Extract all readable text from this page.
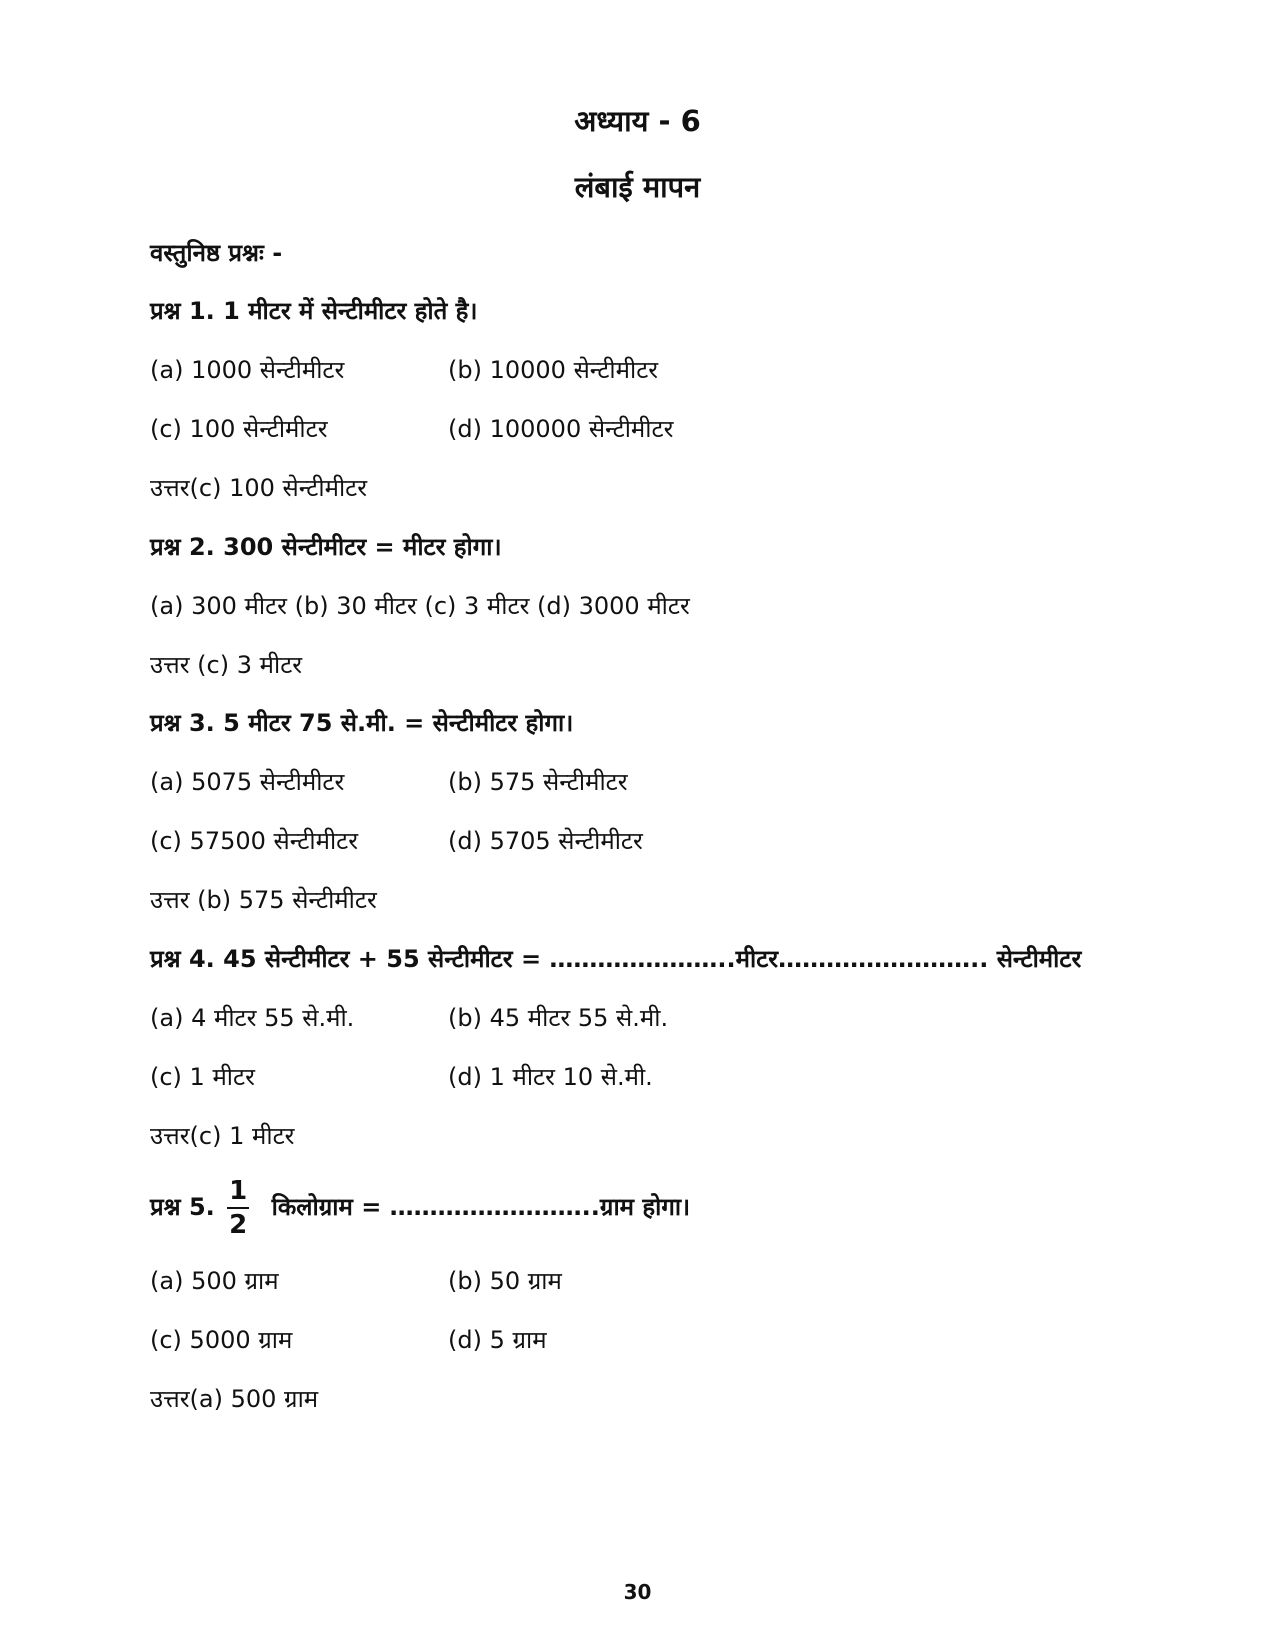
अध्याय - 6
लंबाई मापन
वस्तुनिष्ठ प्रश्नः -
प्रश्न 1. 1 मीटर में सेन्टीमीटर होते है।
(a) 1000 सेन्टीमीटर	(b) 10000 सेन्टीमीटर
(c) 100 सेन्टीमीटर	(d) 100000 सेन्टीमीटर
उत्तर(c) 100 सेन्टीमीटर
प्रश्न 2. 300 सेन्टीमीटर = मीटर होगा।
(a) 300 मीटर (b) 30 मीटर (c) 3 मीटर (d) 3000 मीटर
उत्तर (c) 3 मीटर
प्रश्न 3. 5 मीटर 75 से.मी. = सेन्टीमीटर होगा।
(a) 5075 सेन्टीमीटर	(b) 575 सेन्टीमीटर
(c) 57500 सेन्टीमीटर	(d) 5705 सेन्टीमीटर
उत्तर (b) 575 सेन्टीमीटर
प्रश्न 4. 45 सेन्टीमीटर + 55 सेन्टीमीटर = …………………..मीटर…………………….. सेन्टीमीटर
(a) 4 मीटर 55 से.मी.	(b) 45 मीटर 55 से.मी.
(c) 1 मीटर	(d) 1 मीटर 10 से.मी.
उत्तर(c) 1 मीटर
प्रश्न 5. $\frac{1}{2}$ किलोग्राम = ……………………..ग्राम होगा।
(a) 500 ग्राम	(b) 50 ग्राम
(c) 5000 ग्राम	(d) 5 ग्राम
उत्तर(a) 500 ग्राम
30
